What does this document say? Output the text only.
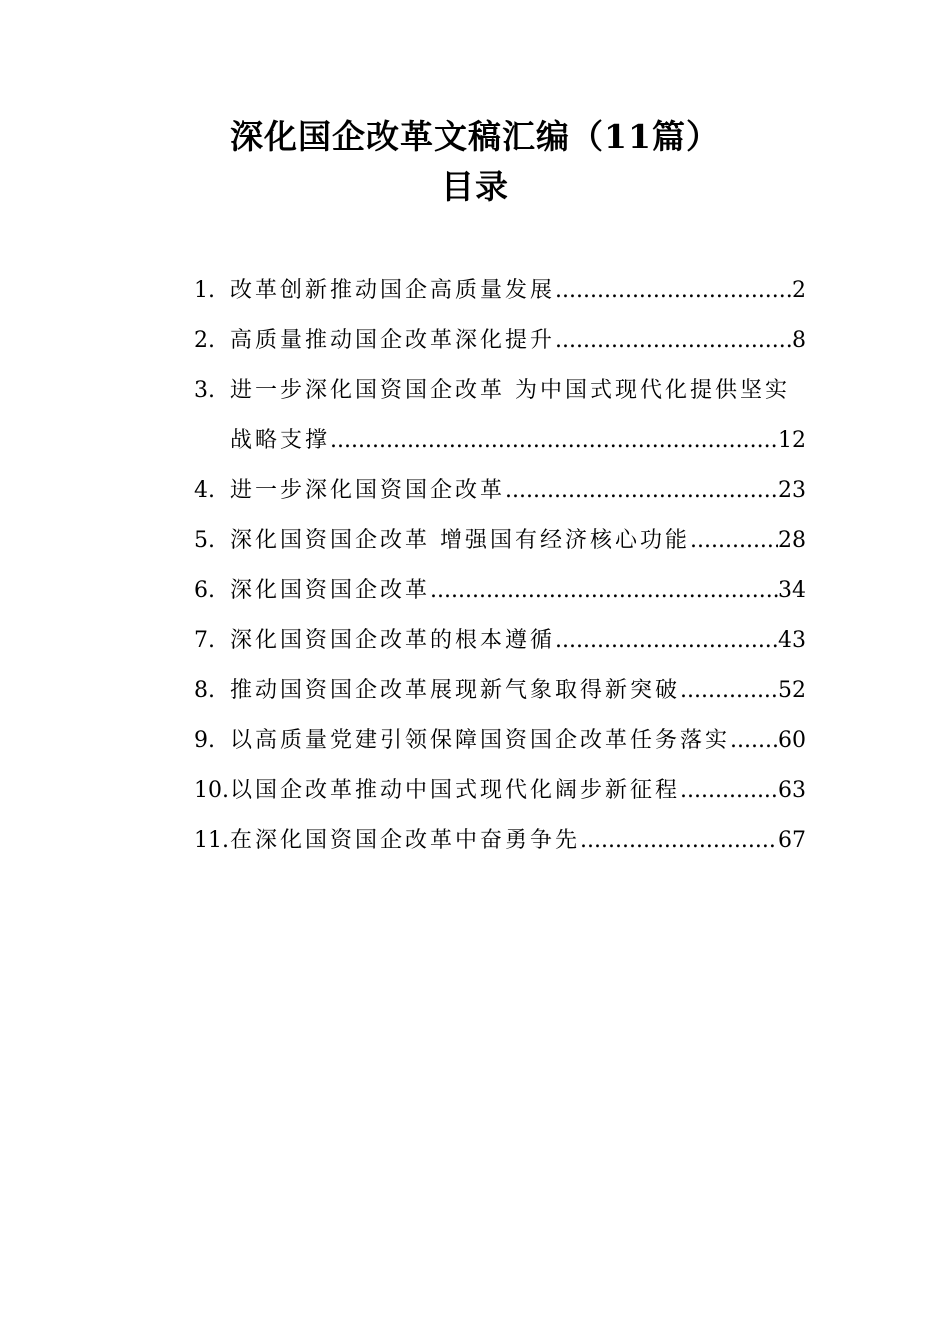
深化国企改革文稿汇编（11篇）
目录
1. 改革创新推动国企高质量发展 .....	2
2. 高质量推动国企改革深化提升 .....	8
3. 进一步深化国资国企改革 为中国式现代化提供坚实
战略支撑 .....	12
4. 进一步深化国资国企改革 .....	23
5. 深化国资国企改革 增强国有经济核心功能 .....	28
6. 深化国资国企改革 .....	34
7. 深化国资国企改革的根本遵循 .....	43
8. 推动国资国企改革展现新气象取得新突破 .....	52
9. 以高质量党建引领保障国资国企改革任务落实 ..... 60
10. 以国企改革推动中国式现代化阔步新征程 .....	63
11. 在深化国资国企改革中奋勇争先 .....	67
